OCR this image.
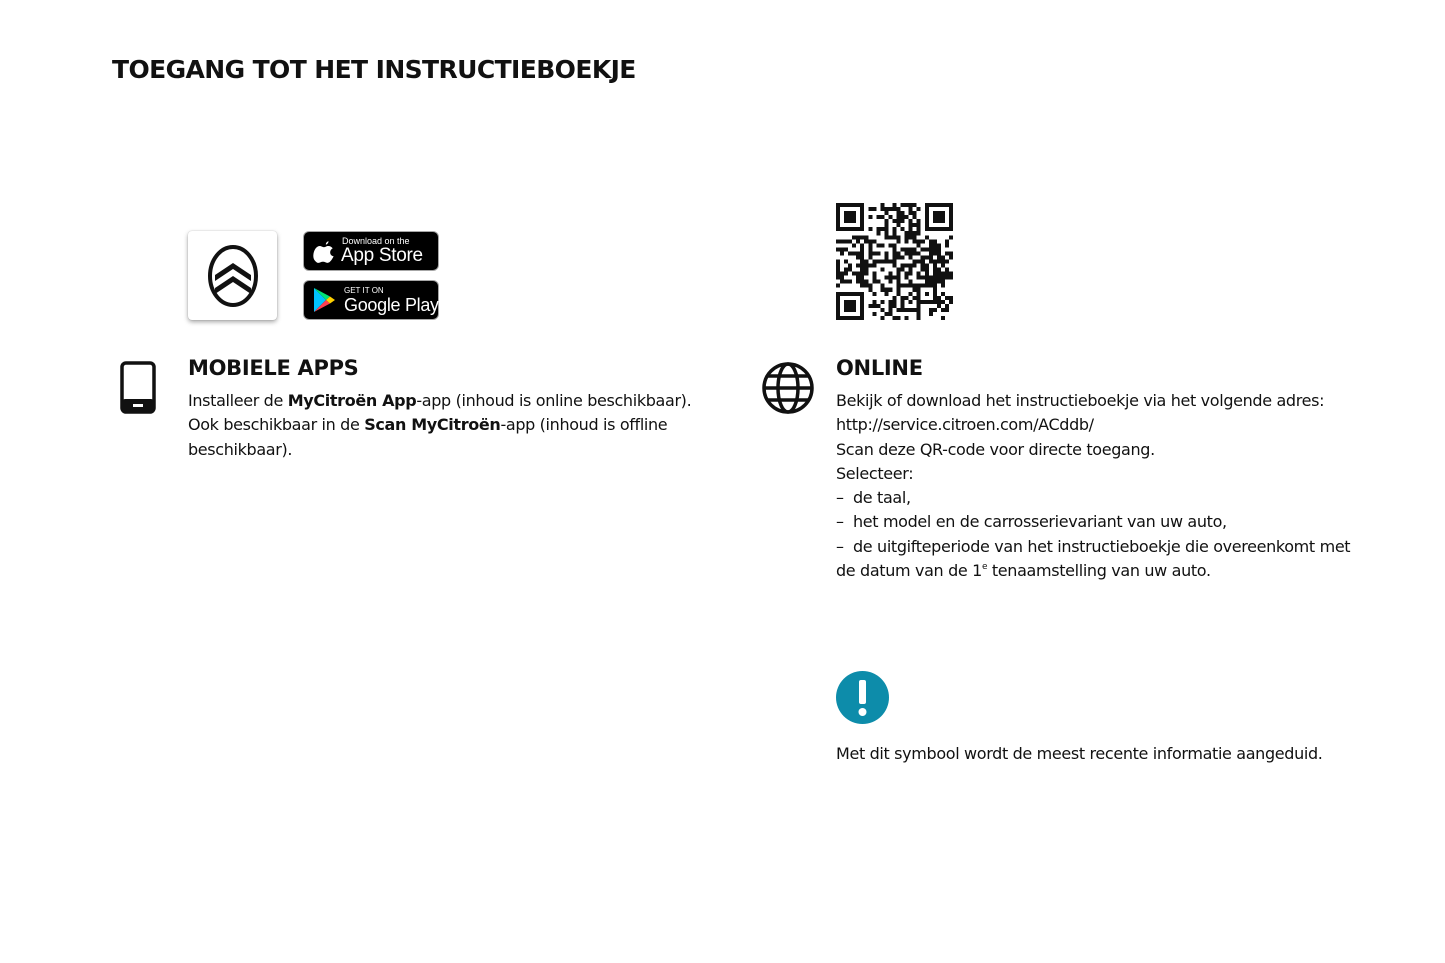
TOEGANG TOT HET INSTRUCTIEBOEKJE
Download on the
App Store
GET IT ON
Google Play
MOBIELE APPS
Installeer de MyCitroën App-app (inhoud is online beschikbaar).
Ook beschikbaar in de Scan MyCitroën-app (inhoud is offline
beschikbaar).
ONLINE
Bekijk of download het instructieboekje via het volgende adres:
http://service.citroen.com/ACddb/
Scan deze QR-code voor directe toegang.
Selecteer:
– de taal,
– het model en de carrosserievariant van uw auto,
– de uitgifteperiode van het instructieboekje die overeenkomt met
de datum van de 1e tenaamstelling van uw auto.

Met dit symbool wordt de meest recente informatie aangeduid.
